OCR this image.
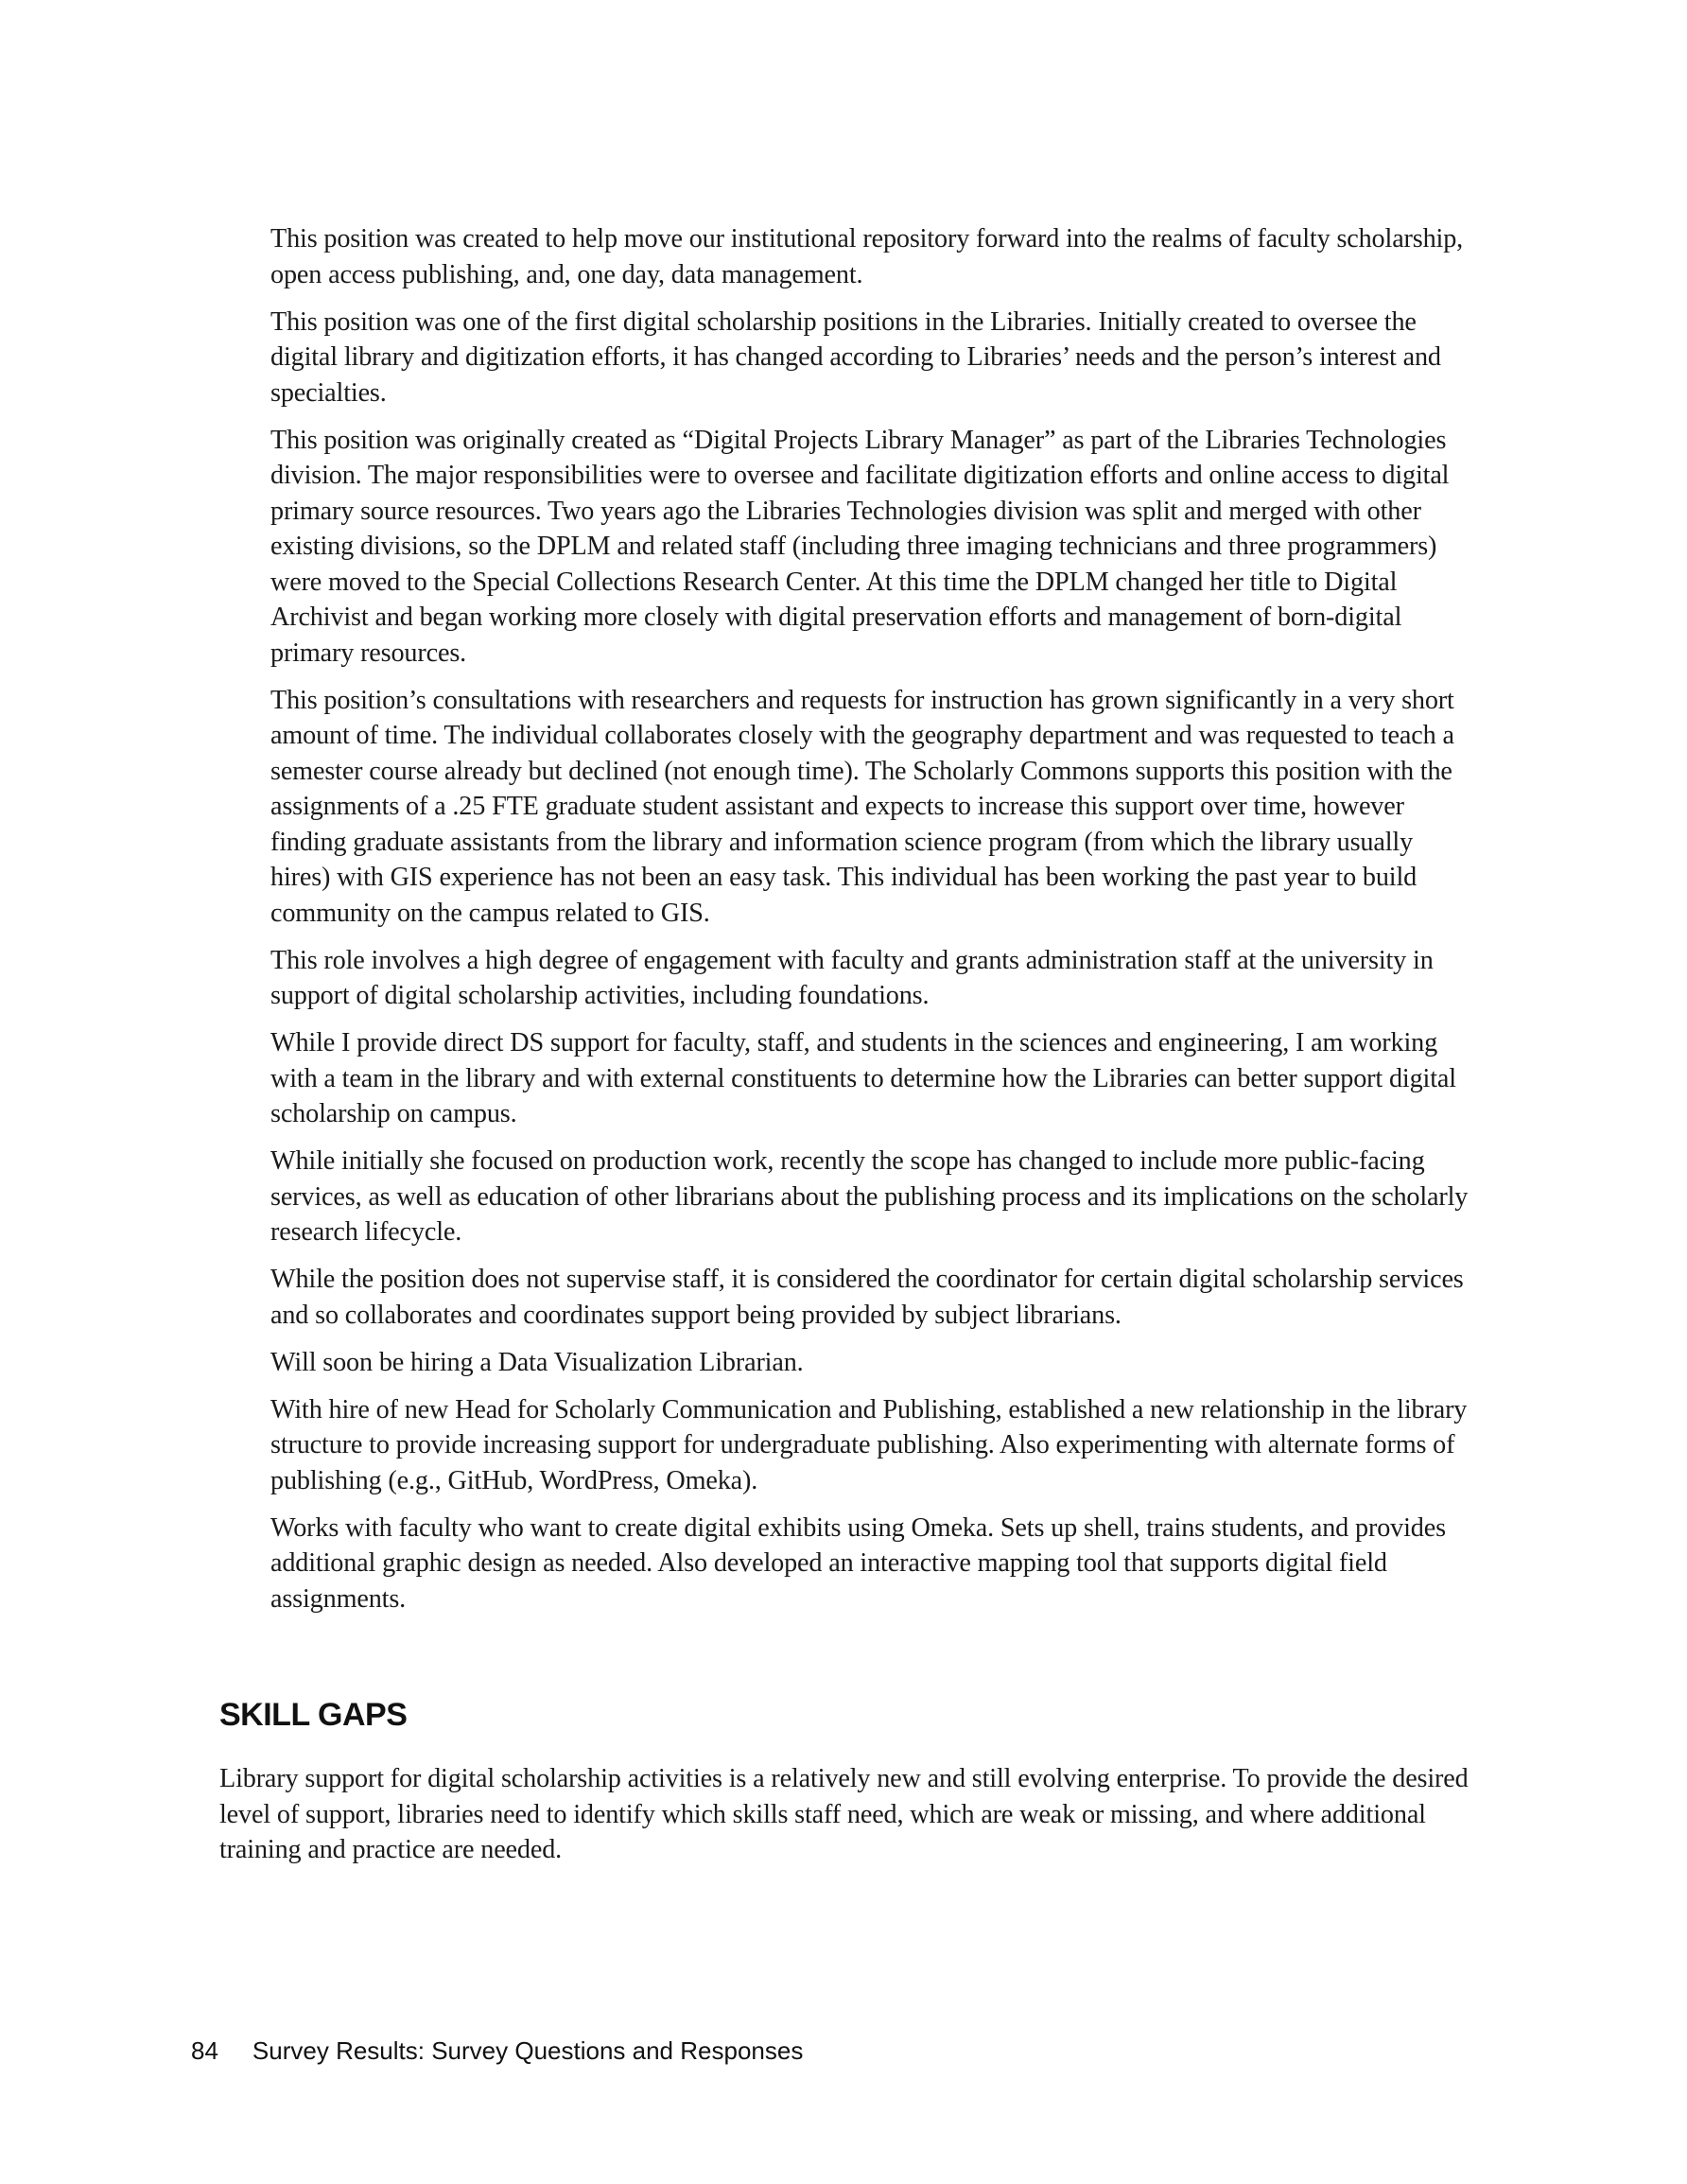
This position was created to help move our institutional repository forward into the realms of faculty scholarship, open access publishing, and, one day, data management.

This position was one of the first digital scholarship positions in the Libraries. Initially created to oversee the digital library and digitization efforts, it has changed according to Libraries’ needs and the person’s interest and specialties.

This position was originally created as “Digital Projects Library Manager” as part of the Libraries Technologies division. The major responsibilities were to oversee and facilitate digitization efforts and online access to digital primary source resources. Two years ago the Libraries Technologies division was split and merged with other existing divisions, so the DPLM and related staff (including three imaging technicians and three programmers) were moved to the Special Collections Research Center. At this time the DPLM changed her title to Digital Archivist and began working more closely with digital preservation efforts and management of born-digital primary resources.

This position’s consultations with researchers and requests for instruction has grown significantly in a very short amount of time. The individual collaborates closely with the geography department and was requested to teach a semester course already but declined (not enough time). The Scholarly Commons supports this position with the assignments of a .25 FTE graduate student assistant and expects to increase this support over time, however finding graduate assistants from the library and information science program (from which the library usually hires) with GIS experience has not been an easy task. This individual has been working the past year to build community on the campus related to GIS.

This role involves a high degree of engagement with faculty and grants administration staff at the university in support of digital scholarship activities, including foundations.

While I provide direct DS support for faculty, staff, and students in the sciences and engineering, I am working with a team in the library and with external constituents to determine how the Libraries can better support digital scholarship on campus.

While initially she focused on production work, recently the scope has changed to include more public-facing services, as well as education of other librarians about the publishing process and its implications on the scholarly research lifecycle.

While the position does not supervise staff, it is considered the coordinator for certain digital scholarship services and so collaborates and coordinates support being provided by subject librarians.

Will soon be hiring a Data Visualization Librarian.

With hire of new Head for Scholarly Communication and Publishing, established a new relationship in the library structure to provide increasing support for undergraduate publishing. Also experimenting with alternate forms of publishing (e.g., GitHub, WordPress, Omeka).

Works with faculty who want to create digital exhibits using Omeka. Sets up shell, trains students, and provides additional graphic design as needed. Also developed an interactive mapping tool that supports digital field assignments.

SKILL GAPS

Library support for digital scholarship activities is a relatively new and still evolving enterprise. To provide the desired level of support, libraries need to identify which skills staff need, which are weak or missing, and where additional training and practice are needed.

84 Survey Results: Survey Questions and Responses
